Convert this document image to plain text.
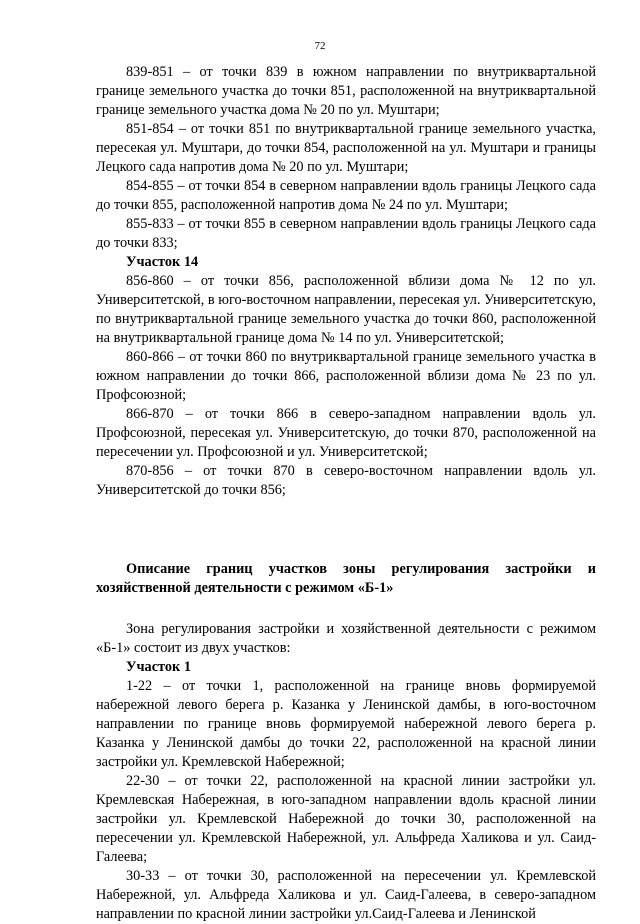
72

839-851 – от точки 839 в южном направлении по внутриквартальной границе земельного участка до точки 851, расположенной на внутриквартальной границе земельного участка дома № 20 по ул. Муштари;

851-854 – от точки 851 по внутриквартальной границе земельного участка, пересекая ул. Муштари, до точки 854, расположенной на ул. Муштари и границы Лецкого сада напротив дома № 20 по ул. Муштари;

854-855 – от точки 854 в северном направлении вдоль границы Лецкого сада до точки 855, расположенной напротив дома № 24 по ул. Муштари;

855-833 – от точки 855 в северном направлении вдоль границы Лецкого сада до точки 833;

Участок 14

856-860 – от точки 856, расположенной вблизи дома № 12 по ул. Университетской, в юго-восточном направлении, пересекая ул. Университетскую, по внутриквартальной границе земельного участка до точки 860, расположенной на внутриквартальной границе дома № 14 по ул. Университетской;

860-866 – от точки 860 по внутриквартальной границе земельного участка в южном направлении до точки 866, расположенной вблизи дома № 23 по ул. Профсоюзной;

866-870 – от точки 866 в северо-западном направлении вдоль ул. Профсоюзной, пересекая ул. Университетскую, до точки 870, расположенной на пересечении ул. Профсоюзной и ул. Университетской;

870-856 – от точки 870 в северо-восточном направлении вдоль ул. Университетской до точки 856;

Описание границ участков зоны регулирования застройки и хозяйственной деятельности с режимом «Б-1»

Зона регулирования застройки и хозяйственной деятельности с режимом «Б-1» состоит из двух участков:

Участок 1

1-22 – от точки 1, расположенной на границе вновь формируемой набережной левого берега р. Казанка у Ленинской дамбы, в юго-восточном направлении по границе вновь формируемой набережной левого берега р. Казанка у Ленинской дамбы до точки 22, расположенной на красной линии застройки ул. Кремлевской Набережной;

22-30 – от точки 22, расположенной на красной линии застройки ул. Кремлевская Набережная, в юго-западном направлении вдоль красной линии застройки ул. Кремлевской Набережной до точки 30, расположенной на пересечении ул. Кремлевской Набережной, ул. Альфреда Халикова и ул. Саид-Галеева;

30-33 – от точки 30, расположенной на пересечении ул. Кремлевской Набережной, ул. Альфреда Халикова и ул. Саид-Галеева, в северо-западном направлении по красной линии застройки ул.Саид-Галеева и Ленинской
